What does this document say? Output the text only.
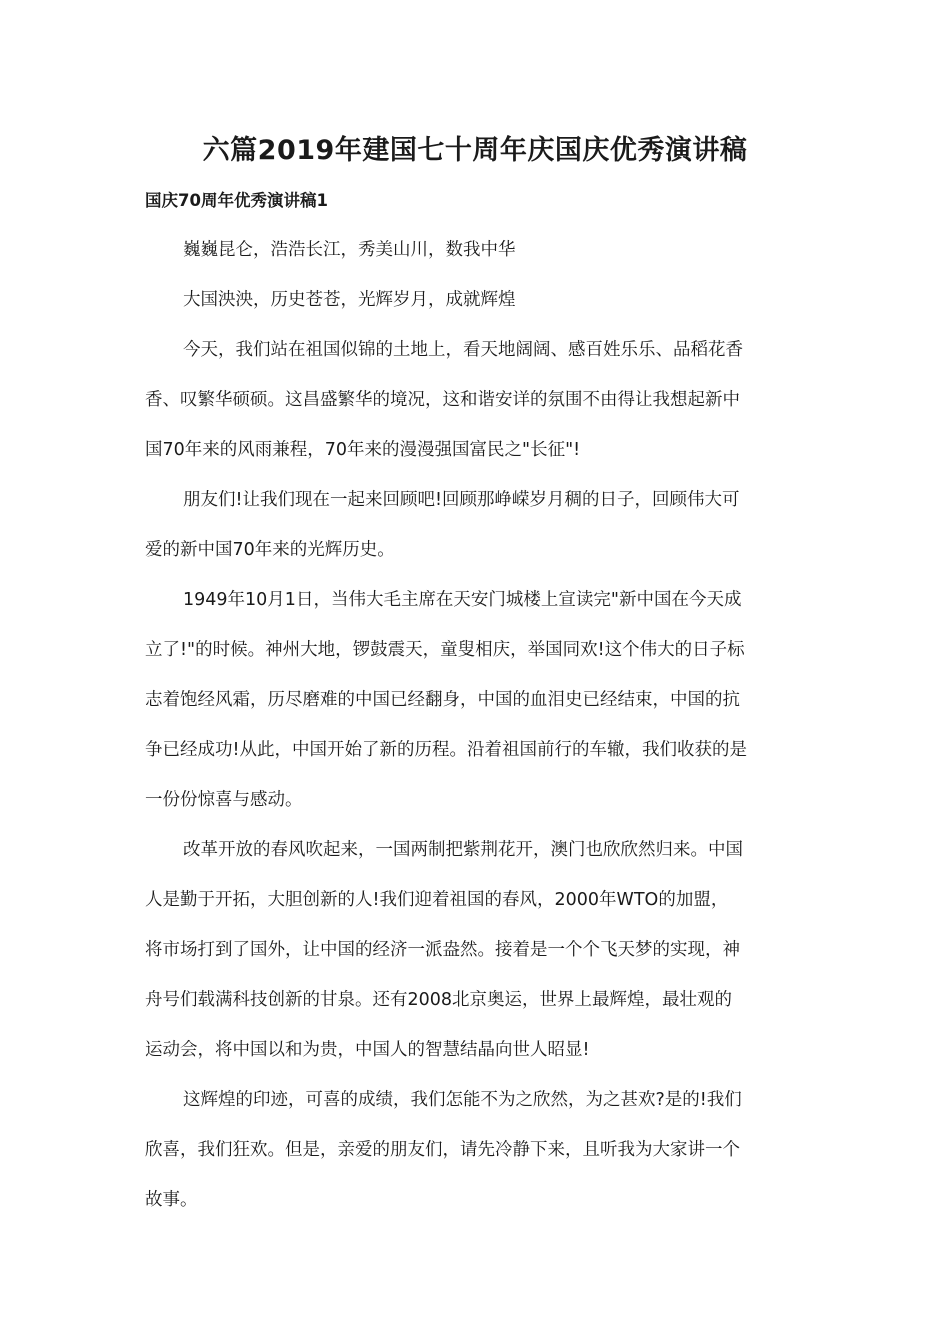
六篇2019年建国七十周年庆国庆优秀演讲稿
国庆70周年优秀演讲稿1
巍巍昆仑，浩浩长江，秀美山川，数我中华
大国泱泱，历史苍苍，光辉岁月，成就辉煌
今天，我们站在祖国似锦的土地上，看天地阔阔、感百姓乐乐、品稻花香
香、叹繁华硕硕。这昌盛繁华的境况，这和谐安详的氛围不由得让我想起新中
国70年来的风雨兼程，70年来的漫漫强国富民之"长征"!
朋友们!让我们现在一起来回顾吧!回顾那峥嵘岁月稠的日子，回顾伟大可
爱的新中国70年来的光辉历史。
1949年10月1日，当伟大毛主席在天安门城楼上宣读完"新中国在今天成
立了!"的时候。神州大地，锣鼓震天，童叟相庆，举国同欢!这个伟大的日子标
志着饱经风霜，历尽磨难的中国已经翻身，中国的血泪史已经结束，中国的抗
争已经成功!从此，中国开始了新的历程。沿着祖国前行的车辙，我们收获的是
一份份惊喜与感动。
改革开放的春风吹起来，一国两制把紫荆花开，澳门也欣欣然归来。中国
人是勤于开拓，大胆创新的人!我们迎着祖国的春风，2000年WTO的加盟，
将市场打到了国外，让中国的经济一派盎然。接着是一个个飞天梦的实现，神
舟号们载满科技创新的甘泉。还有2008北京奥运，世界上最辉煌，最壮观的
运动会，将中国以和为贵，中国人的智慧结晶向世人昭显!
这辉煌的印迹，可喜的成绩，我们怎能不为之欣然，为之甚欢?是的!我们
欣喜，我们狂欢。但是，亲爱的朋友们，请先冷静下来，且听我为大家讲一个
故事。
